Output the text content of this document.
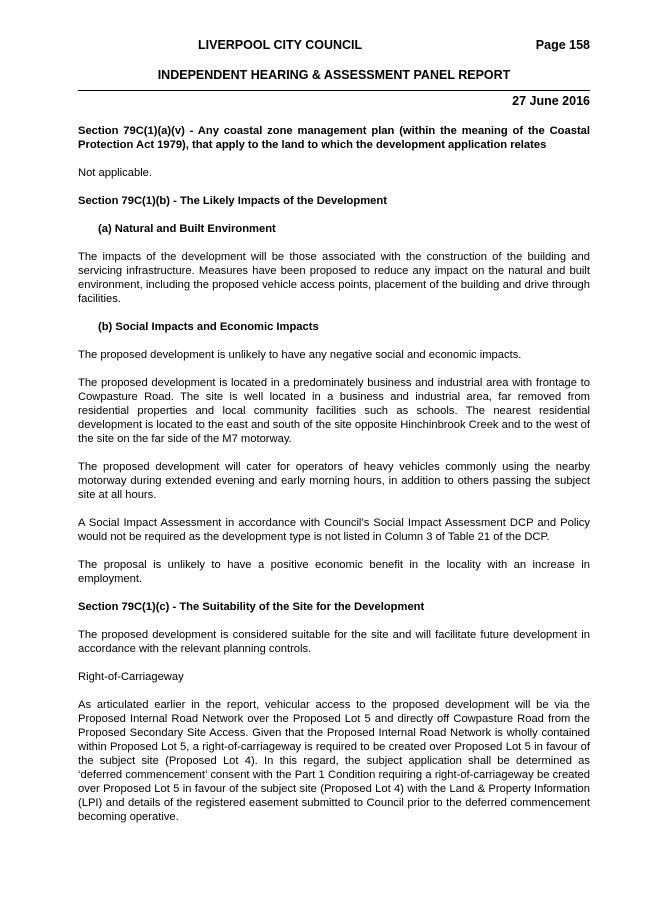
LIVERPOOL CITY COUNCIL	Page 158
INDEPENDENT HEARING & ASSESSMENT PANEL REPORT
27 June 2016

Section 79C(1)(a)(v) - Any coastal zone management plan (within the meaning of the Coastal Protection Act 1979), that apply to the land to which the development application relates

Not applicable.

Section 79C(1)(b) - The Likely Impacts of the Development

(a) Natural and Built Environment

The impacts of the development will be those associated with the construction of the building and servicing infrastructure. Measures have been proposed to reduce any impact on the natural and built environment, including the proposed vehicle access points, placement of the building and drive through facilities.

(b) Social Impacts and Economic Impacts

The proposed development is unlikely to have any negative social and economic impacts.

The proposed development is located in a predominately business and industrial area with frontage to Cowpasture Road. The site is well located in a business and industrial area, far removed from residential properties and local community facilities such as schools. The nearest residential development is located to the east and south of the site opposite Hinchinbrook Creek and to the west of the site on the far side of the M7 motorway.

The proposed development will cater for operators of heavy vehicles commonly using the nearby motorway during extended evening and early morning hours, in addition to others passing the subject site at all hours.

A Social Impact Assessment in accordance with Council’s Social Impact Assessment DCP and Policy would not be required as the development type is not listed in Column 3 of Table 21 of the DCP.

The proposal is unlikely to have a positive economic benefit in the locality with an increase in employment.

Section 79C(1)(c) - The Suitability of the Site for the Development

The proposed development is considered suitable for the site and will facilitate future development in accordance with the relevant planning controls.

Right-of-Carriageway

As articulated earlier in the report, vehicular access to the proposed development will be via the Proposed Internal Road Network over the Proposed Lot 5 and directly off Cowpasture Road from the Proposed Secondary Site Access. Given that the Proposed Internal Road Network is wholly contained within Proposed Lot 5, a right-of-carriageway is required to be created over Proposed Lot 5 in favour of the subject site (Proposed Lot 4). In this regard, the subject application shall be determined as ‘deferred commencement’ consent with the Part 1 Condition requiring a right-of-carriageway be created over Proposed Lot 5 in favour of the subject site (Proposed Lot 4) with the Land & Property Information (LPI) and details of the registered easement submitted to Council prior to the deferred commencement becoming operative.
